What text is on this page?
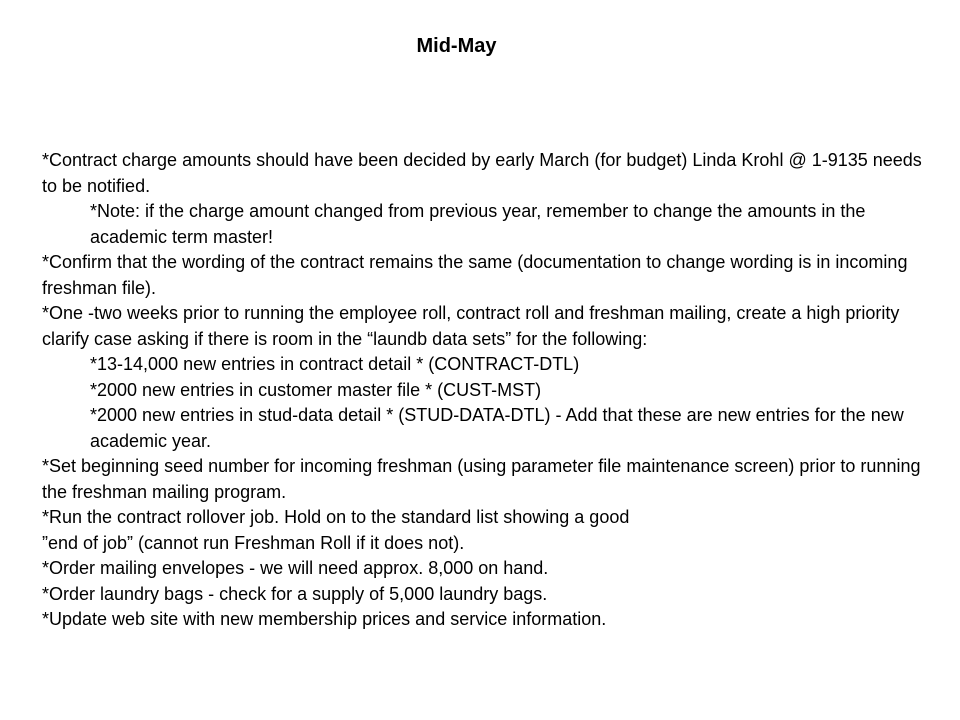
Mid-May

*Contract charge amounts should have been decided by early March (for budget) Linda Krohl @ 1-9135 needs to be notified.

*Note: if the charge amount changed from previous year, remember to change the amounts in the academic term master!

*Confirm that the wording of the contract remains the same (documentation to change wording is in incoming freshman file).

*One -two weeks prior to running the employee roll, contract roll and freshman mailing, create a high priority clarify case asking if there is room in the “laundb data sets” for the following:

*13-14,000 new entries in contract detail * (CONTRACT-DTL)

*2000 new entries in customer master file * (CUST-MST)

*2000 new entries in stud-data detail * (STUD-DATA-DTL) - Add that these are new entries for the new academic year.

*Set beginning seed number for incoming freshman (using parameter file maintenance screen) prior to running the freshman mailing program.

*Run the contract rollover job. Hold on to the standard list showing a good

”end of job” (cannot run Freshman Roll if it does not).

*Order mailing envelopes - we will need approx. 8,000 on hand.

*Order laundry bags - check for a supply of 5,000 laundry bags.

*Update web site with new membership prices and service information.
